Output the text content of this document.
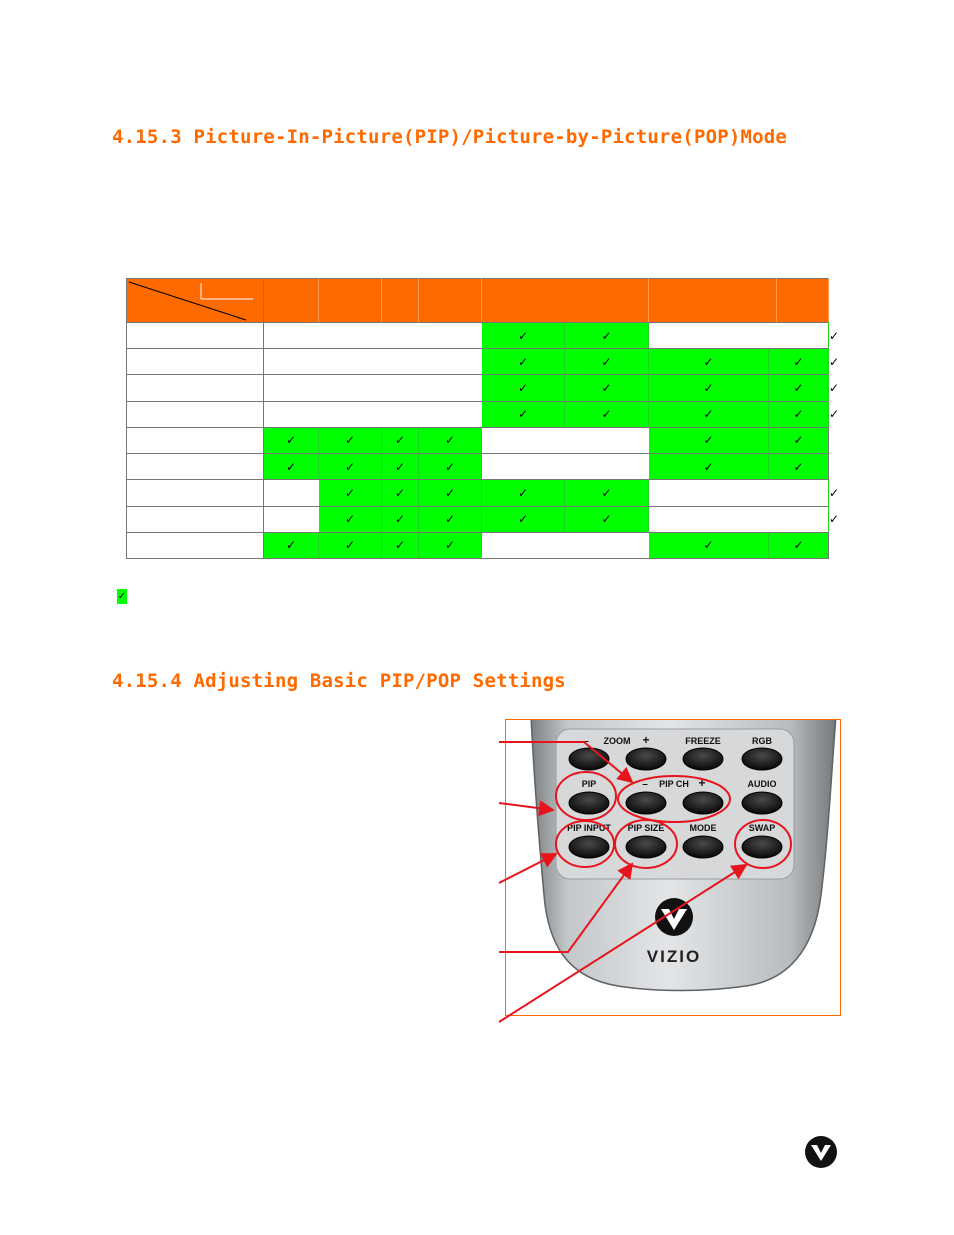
4.15.3 Picture-In-Picture(PIP)/Picture-by-Picture(POP)Mode

					✓	✓				✓
					✓	✓	✓	✓		✓
					✓	✓	✓	✓		✓
					✓	✓	✓	✓		✓
	✓	✓	✓	✓			✓	✓		
	✓	✓	✓	✓			✓	✓		
		✓	✓	✓	✓	✓				✓
		✓	✓	✓	✓	✓				✓
	✓	✓	✓	✓			✓	✓		
✓
4.15.4 Adjusting Basic PIP/POP Settings
– ZOOM +	FREEZE	RGB
PIP	– PIP CH +	AUDIO
PIP INPUT PIP SIZE	MODE	SWAP
VIZIO
